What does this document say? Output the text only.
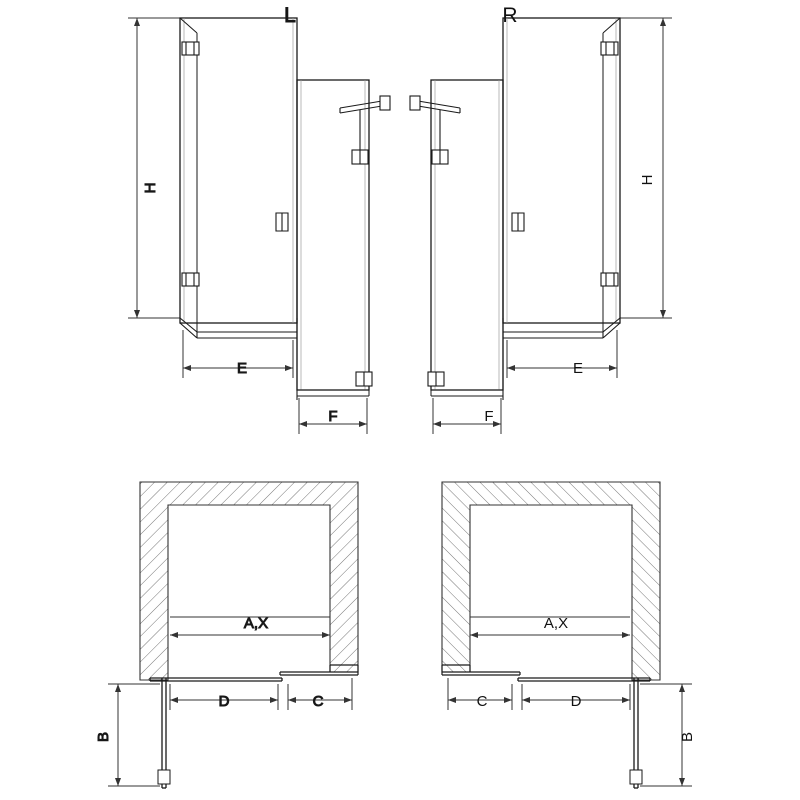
L
H
E
F
R
H
E
F
A,X
D	C
B
A,X
D
C
B
